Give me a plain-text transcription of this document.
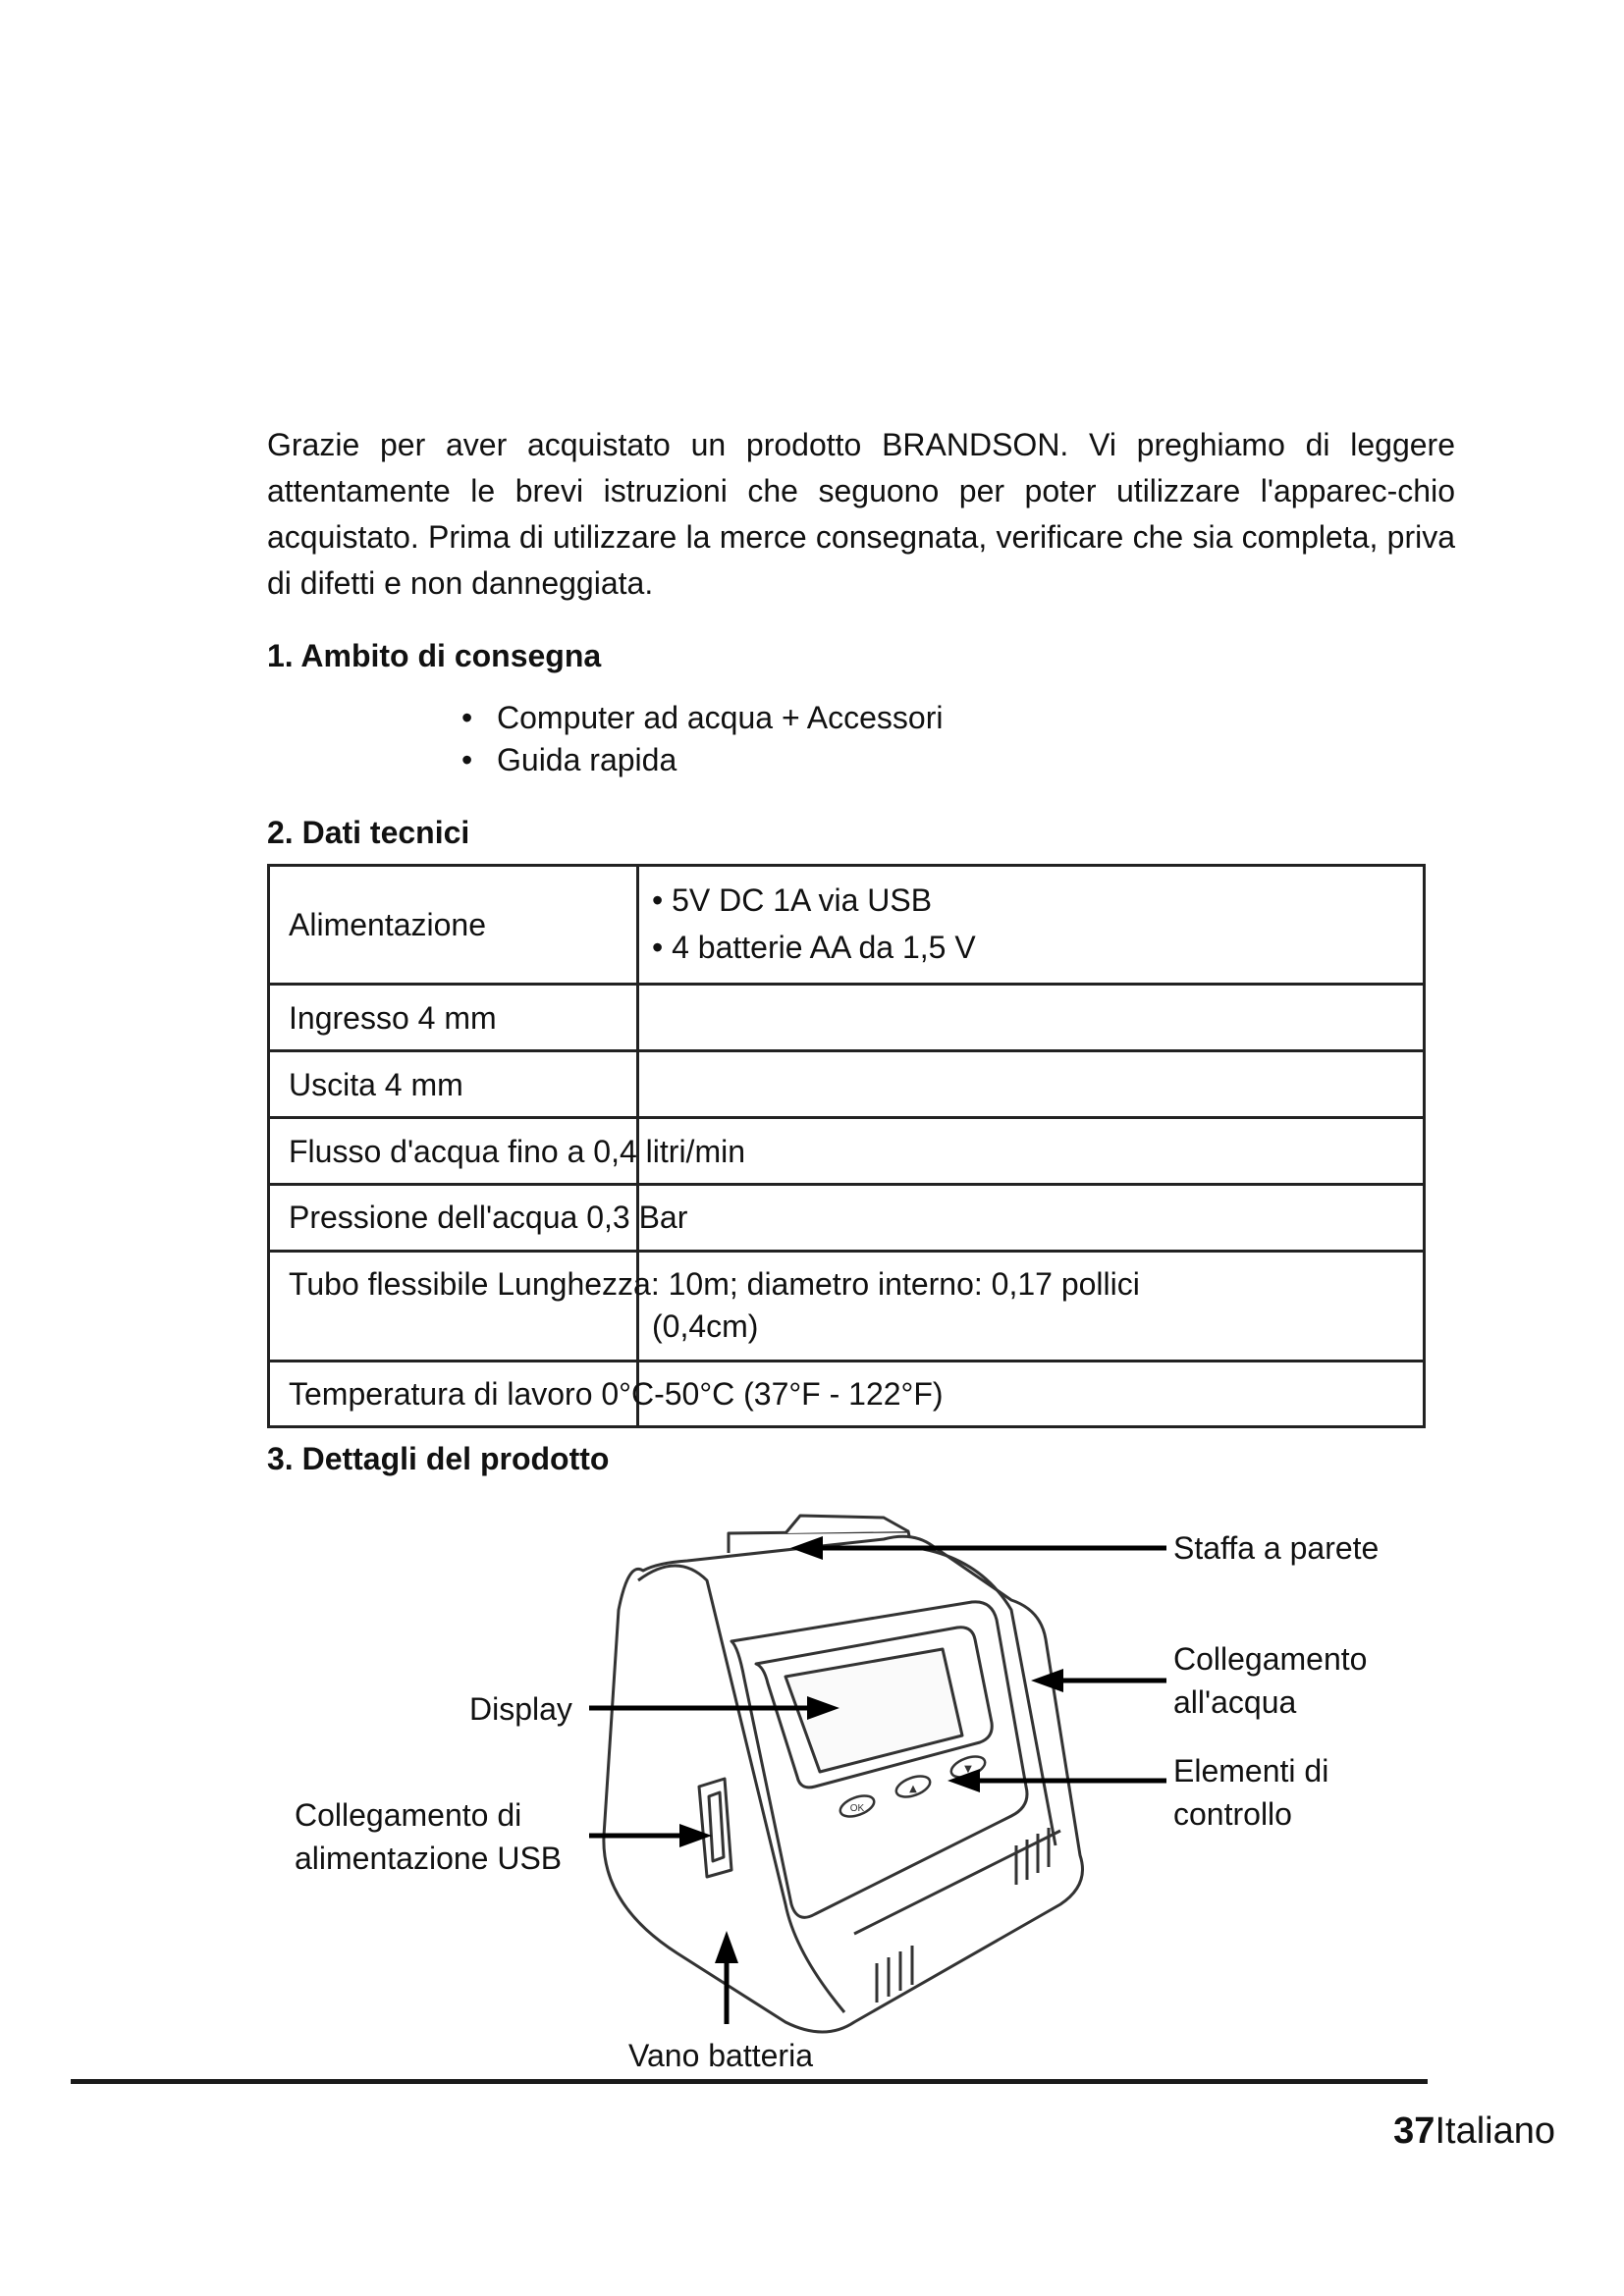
Grazie per aver acquistato un prodotto BRANDSON. Vi preghiamo di leggere attentamente le brevi istruzioni che seguono per poter utilizzare l'apparec-chio acquistato. Prima di utilizzare la merce consegnata, verificare che sia completa, priva di difetti e non danneggiata.

1. Ambito di consegna
• Computer ad acqua + Accessori
• Guida rapida
2. Dati tecnici
Alimentazione
• 5V DC 1A via USB
• 4 batterie AA da 1,5 V
Ingresso 4 mm
Uscita 4 mm
Flusso d'acqua fino a 0,4 litri/min
Pressione dell'acqua 0,3 Bar
Tubo flessibile Lunghezza: 10m; diametro interno: 0,17 pollici
(0,4cm)
Temperatura di lavoro 0°C-50°C (37°F - 122°F)
3. Dettagli del prodotto
OK
▲
▼
Staffa a parete
Collegamento
all'acqua
Elementi di
controllo
Display
Collegamento di
alimentazione USB
Vano batteria
37Italiano
